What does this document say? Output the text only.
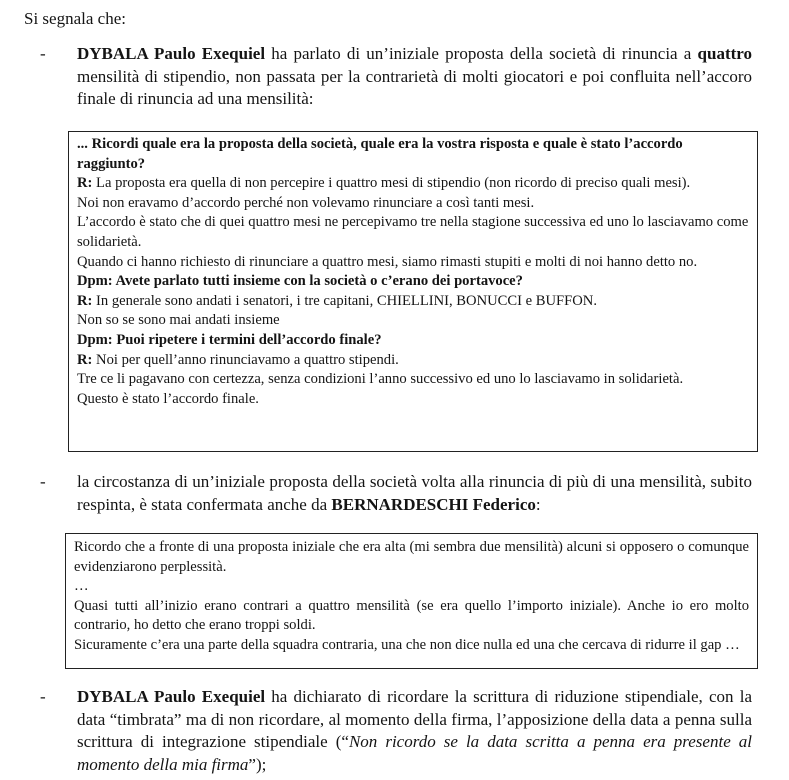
Si segnala che:
-	DYBALA Paulo Exequiel ha parlato di un’iniziale proposta della società di rinuncia a quattro mensilità di stipendio, non passata per la contrarietà di molti giocatori e poi confluita nell’accoro finale di rinuncia ad una mensilità:

... Ricordi quale era la proposta della società, quale era la vostra risposta e quale è stato l’accordo raggiunto?

R: La proposta era quella di non percepire i quattro mesi di stipendio (non ricordo di preciso quali mesi).

Noi non eravamo d’accordo perché non volevamo rinunciare a così tanti mesi.

L’accordo è stato che di quei quattro mesi ne percepivamo tre nella stagione successiva ed uno lo lasciavamo come solidarietà.

Quando ci hanno richiesto di rinunciare a quattro mesi, siamo rimasti stupiti e molti di noi hanno detto no.

Dpm: Avete parlato tutti insieme con la società o c’erano dei portavoce?

R: In generale sono andati i senatori, i tre capitani, CHIELLINI, BONUCCI e BUFFON.

Non so se sono mai andati insieme

Dpm: Puoi ripetere i termini dell’accordo finale?

R: Noi per quell’anno rinunciavamo a quattro stipendi.

Tre ce li pagavano con certezza, senza condizioni l’anno successivo ed uno lo lasciavamo in solidarietà.

Questo è stato l’accordo finale.

-	la circostanza di un’iniziale proposta della società volta alla rinuncia di più di una mensilità, subito respinta, è stata confermata anche da BERNARDESCHI Federico:

Ricordo che a fronte di una proposta iniziale che era alta (mi sembra due mensilità) alcuni si opposero o comunque evidenziarono perplessità.

…

Quasi tutti all’inizio erano contrari a quattro mensilità (se era quello l’importo iniziale). Anche io ero molto contrario, ho detto che erano troppi soldi.

Sicuramente c’era una parte della squadra contraria, una che non dice nulla ed una che cercava di ridurre il gap …

-	DYBALA Paulo Exequiel ha dichiarato di ricordare la scrittura di riduzione stipendiale, con la data “timbrata” ma di non ricordare, al momento della firma, l’apposizione della data a penna sulla scrittura di integrazione stipendiale (“Non ricordo se la data scritta a penna era presente al momento della mia firma”);
